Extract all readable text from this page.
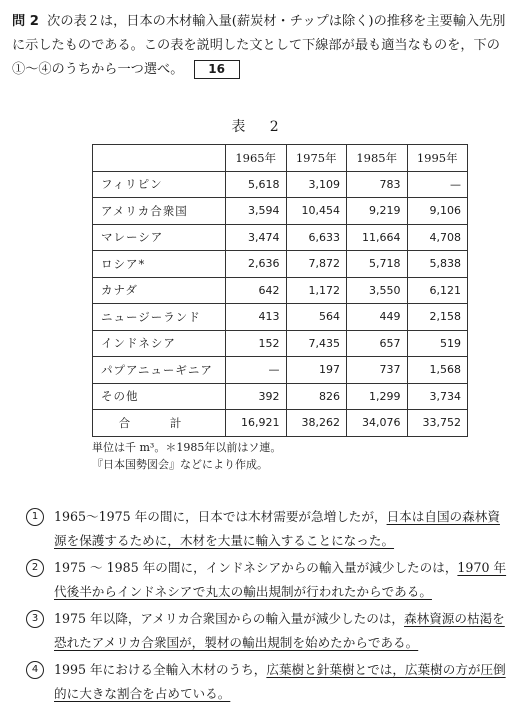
問 2 次の表２は，日本の木材輸入量(薪炭材・チップは除く)の推移を主要輸入先別に示したものである。この表を説明した文として下線部が最も適当なものを，下の①〜④のうちから一つ選べ。 16
表 2
	1965年	1975年	1985年	1995年
フィリピン	5,618	3,109	783	—
アメリカ合衆国	3,594	10,454	9,219	9,106
マレーシア	3,474	6,633	11,664	4,708
ロシア*	2,636	7,872	5,718	5,838
カナダ	642	1,172	3,550	6,121
ニュージーランド	413	564	449	2,158
インドネシア	152	7,435	657	519
パプアニューギニア	—	197	737	1,568
その他	392	826	1,299	3,734
合 計	16,921	38,262	34,076	33,752
単位は千 m³。＊1985年以前はソ連。
『日本国勢図会』などにより作成。
1	1965〜1975 年の間に，日本では木材需要が急増したが，日本は自国の森林資源を保護するために，木材を大量に輸入することになった。
2	1975 〜 1985 年の間に，インドネシアからの輸入量が減少したのは，1970 年代後半からインドネシアで丸太の輸出規制が行われたからである。
3	1975 年以降，アメリカ合衆国からの輸入量が減少したのは，森林資源の枯渇を恐れたアメリカ合衆国が，製材の輸出規制を始めたからである。
4	1995 年における全輸入木材のうち，広葉樹と針葉樹とでは，広葉樹の方が圧倒的に大きな割合を占めている。
